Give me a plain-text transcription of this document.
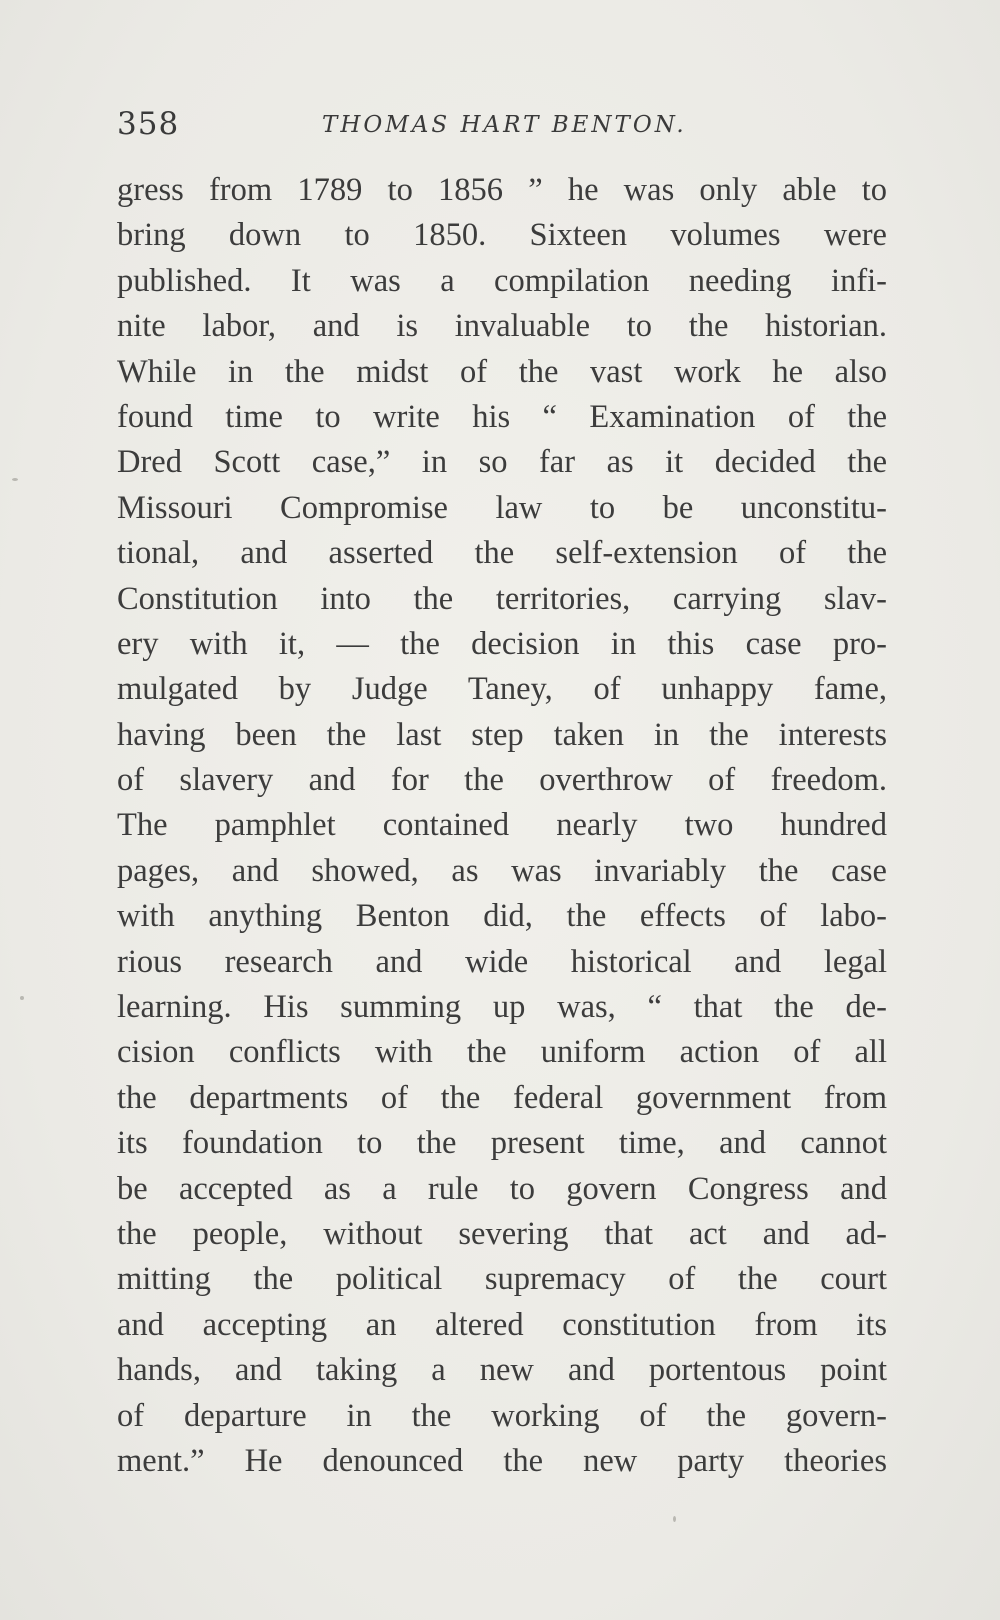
358	THOMAS HART BENTON.
gress from 1789 to 1856 ” he was only able to
bring down to 1850. Sixteen volumes were
published. It was a compilation needing infi-
nite labor, and is invaluable to the historian.
While in the midst of the vast work he also
found time to write his “ Examination of the
Dred Scott case,” in so far as it decided the
Missouri Compromise law to be unconstitu-
tional, and asserted the self-extension of the
Constitution into the territories, carrying slav-
ery with it, — the decision in this case pro-
mulgated by Judge Taney, of unhappy fame,
having been the last step taken in the interests
of slavery and for the overthrow of freedom.
The pamphlet contained nearly two hundred
pages, and showed, as was invariably the case
with anything Benton did, the effects of labo-
rious research and wide historical and legal
learning. His summing up was, “ that the de-
cision conflicts with the uniform action of all
the departments of the federal government from
its foundation to the present time, and cannot
be accepted as a rule to govern Congress and
the people, without severing that act and ad-
mitting the political supremacy of the court
and accepting an altered constitution from its
hands, and taking a new and portentous point
of departure in the working of the govern-
ment.” He denounced the new party theories
